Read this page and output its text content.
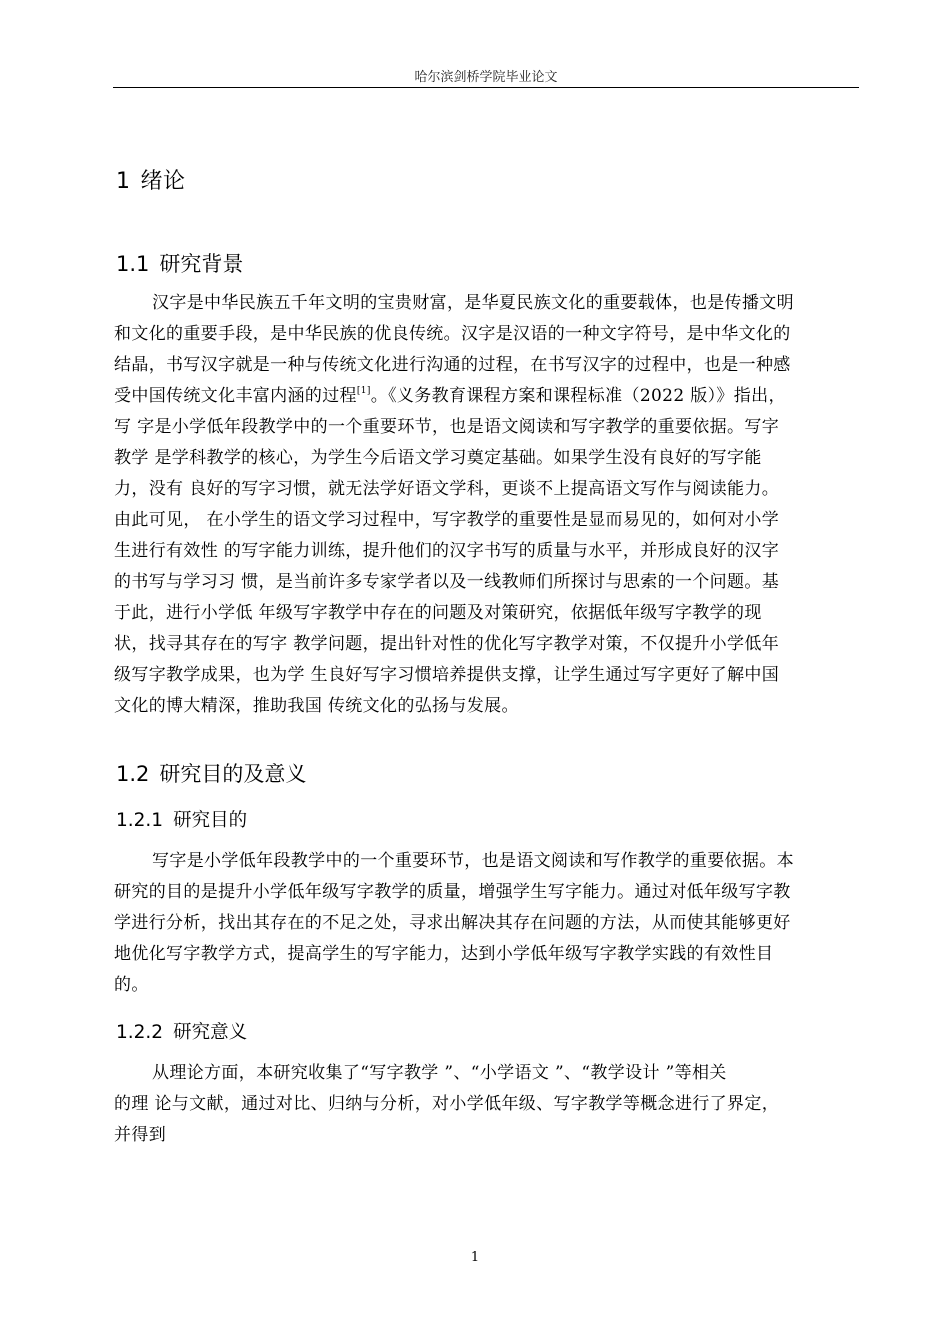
哈尔滨剑桥学院毕业论文
1 绪论
1.1 研究背景
汉字是中华民族五千年文明的宝贵财富，是华夏民族文化的重要载体，也是传播文明
和文化的重要手段，是中华民族的优良传统。汉字是汉语的一种文字符号，是中华文化的
结晶，书写汉字就是一种与传统文化进行沟通的过程，在书写汉字的过程中，也是一种感
受中国传统文化丰富内涵的过程[1]。《义务教育课程方案和课程标准（2022 版）》指出，
写 字是小学低年段教学中的一个重要环节，也是语文阅读和写字教学的重要依据。写字
教学 是学科教学的核心，为学生今后语文学习奠定基础。如果学生没有良好的写字能
力，没有 良好的写字习惯，就无法学好语文学科，更谈不上提高语文写作与阅读能力。
由此可见， 在小学生的语文学习过程中，写字教学的重要性是显而易见的，如何对小学
生进行有效性 的写字能力训练，提升他们的汉字书写的质量与水平，并形成良好的汉字
的书写与学习习 惯，是当前许多专家学者以及一线教师们所探讨与思索的一个问题。基
于此，进行小学低 年级写字教学中存在的问题及对策研究，依据低年级写字教学的现
状，找寻其存在的写字 教学问题，提出针对性的优化写字教学对策，不仅提升小学低年
级写字教学成果，也为学 生良好写字习惯培养提供支撑，让学生通过写字更好了解中国
文化的博大精深，推助我国 传统文化的弘扬与发展。
1.2 研究目的及意义
1.2.1 研究目的
写字是小学低年段教学中的一个重要环节，也是语文阅读和写作教学的重要依据。本
研究的目的是提升小学低年级写字教学的质量，增强学生写字能力。通过对低年级写字教
学进行分析，找出其存在的不足之处，寻求出解决其存在问题的方法，从而使其能够更好
地优化写字教学方式，提高学生的写字能力，达到小学低年级写字教学实践的有效性目
的。
1.2.2 研究意义
从理论方面，本研究收集了“写字教学 ”、“小学语文 ”、“教学设计 ”等相关
的理 论与文献，通过对比、归纳与分析，对小学低年级、写字教学等概念进行了界定，
并得到
1
